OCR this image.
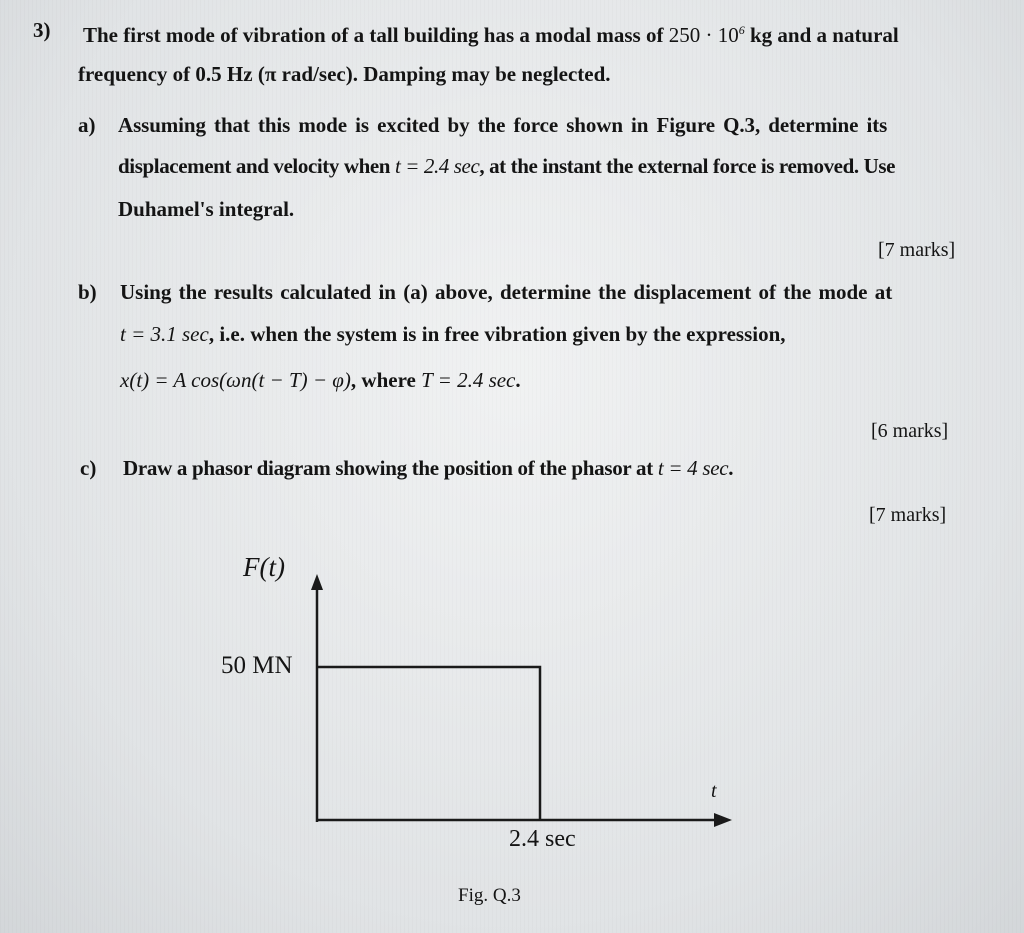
3) The first mode of vibration of a tall building has a modal mass of $250 \cdot 10^6$ kg and a natural
frequency of 0.5 Hz (π rad/sec). Damping may be neglected.
a) Assuming that this mode is excited by the force shown in Figure Q.3, determine its
displacement and velocity when t = 2.4 sec, at the instant the external force is removed. Use
Duhamel's integral.
[7 marks]
b) Using the results calculated in (a) above, determine the displacement of the mode at
t = 3.1 sec, i.e. when the system is in free vibration given by the expression,
x(t) = A cos(ωn(t − T) − φ), where T = 2.4 sec.
[6 marks]
c) Draw a phasor diagram showing the position of the phasor at t = 4 sec.
[7 marks]
F(t)
50 MN
t
2.4 sec
Fig. Q.3
